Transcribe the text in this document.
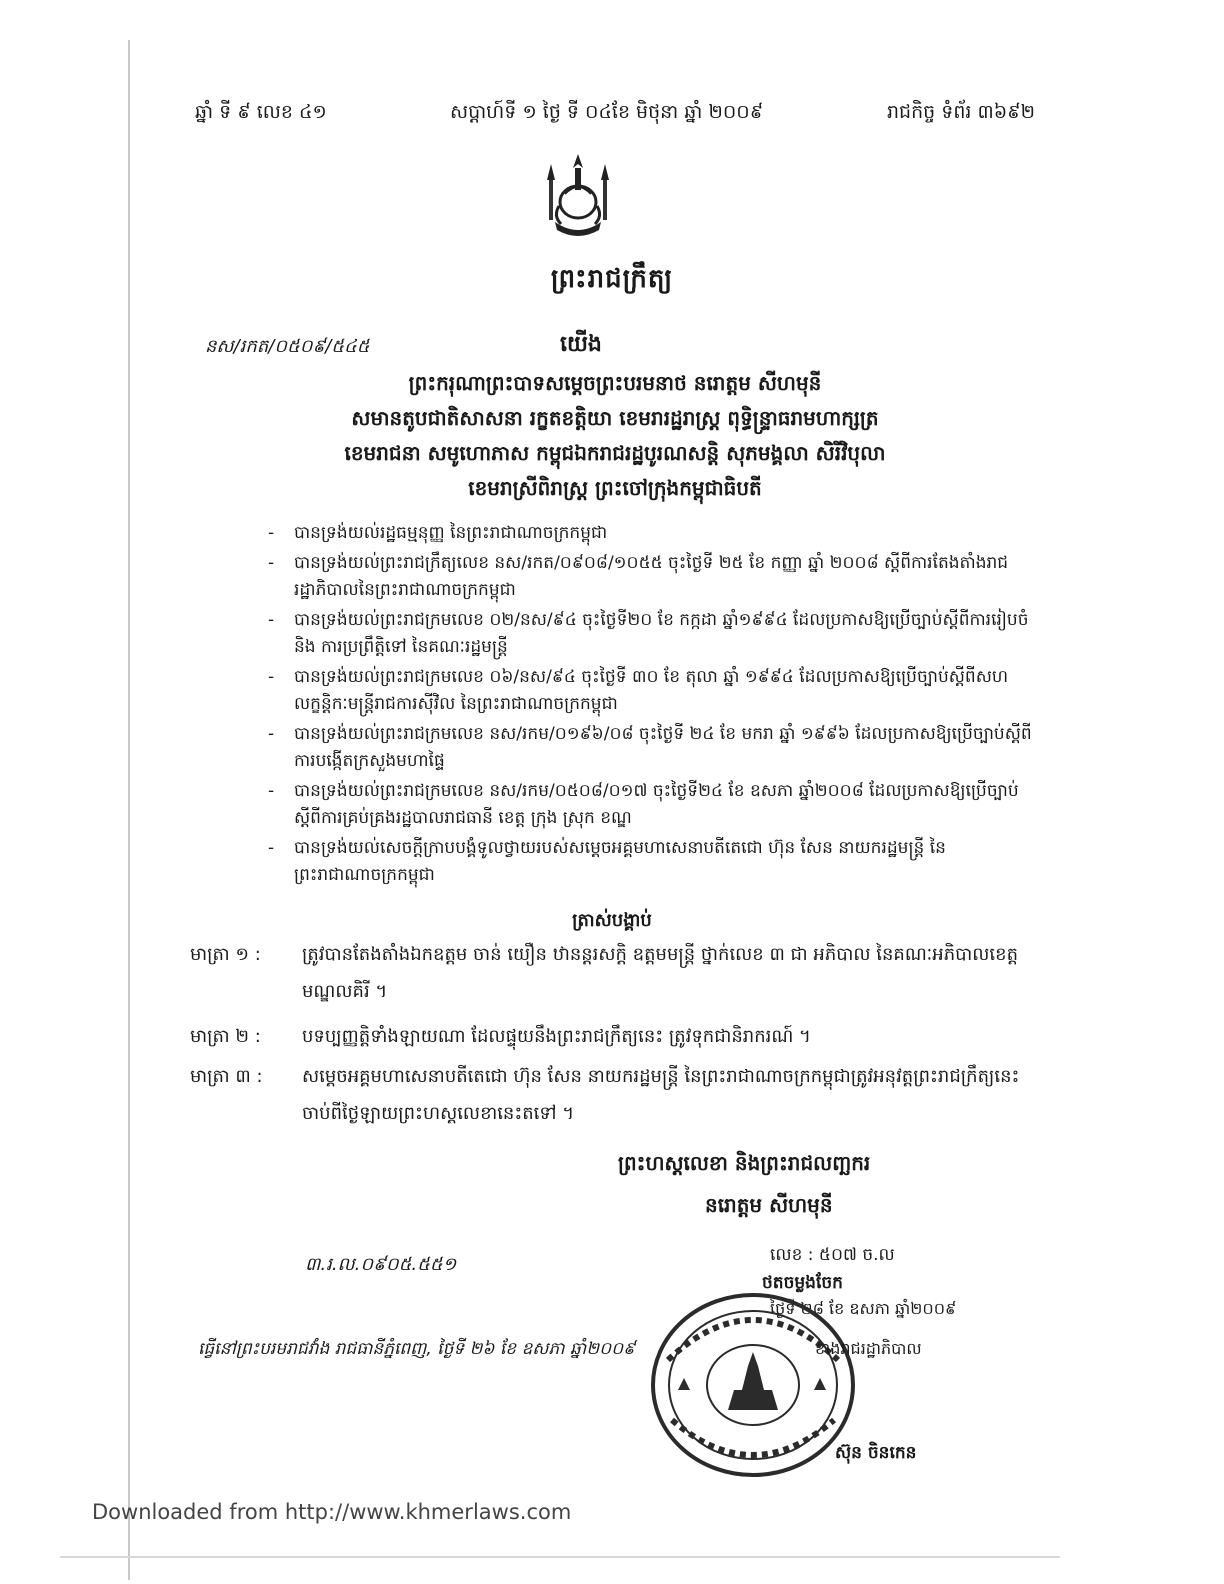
ឆ្នាំ ទី ៩ លេខ ៤១	សប្តាហ៍ទី ១ ថ្ងៃ ទី ០៤ខែ មិថុនា ឆ្នាំ ២០០៩	រាជកិច្ច ទំព័រ ៣៦៩២
ព្រះរាជក្រឹត្យ
នស/រកត/០៥០៩/៥៤៥	យើង
ព្រះករុណាព្រះបាទសម្តេចព្រះបរមនាថ នរោត្តម សីហមុនី
សមានតូបជាតិសាសនា រក្ខតខត្តិយា ខេមរារដ្ឋរាស្ត្រ ពុទ្ធិន្ទ្រាធរាមហាក្សត្រ
ខេមរាជនា សមូហោភាស កម្ពុជឯករាជរដ្ឋបូរណសន្តិ សុភមង្គលា សិរីវិបុលា
ខេមរាស្រីពិរាស្ត្រ ព្រះចៅក្រុងកម្ពុជាធិបតី
- បានទ្រង់យល់រដ្ឋធម្មនុញ្ញ នៃព្រះរាជាណាចក្រកម្ពុជា
- បានទ្រង់យល់ព្រះរាជក្រឹត្យលេខ នស/រកត/០៩០៨/១០៥៥ ចុះថ្ងៃទី ២៥ ខែ កញ្ញា ឆ្នាំ ២០០៨ ស្តីពីការតែងតាំងរាជរដ្ឋាភិបាលនៃព្រះរាជាណាចក្រកម្ពុជា
- បានទ្រង់យល់ព្រះរាជក្រមលេខ ០២/នស/៩៤ ចុះថ្ងៃទី២០ ខែ កក្កដា ឆ្នាំ១៩៩៤ ដែលប្រកាសឱ្យប្រើច្បាប់ស្តីពីការរៀបចំ និង ការប្រព្រឹត្តិទៅ នៃគណៈរដ្ឋមន្ត្រី
- បានទ្រង់យល់ព្រះរាជក្រមលេខ ០៦/នស/៩៤ ចុះថ្ងៃទី ៣០ ខែ តុលា ឆ្នាំ ១៩៩៤ ដែលប្រកាសឱ្យប្រើច្បាប់ស្តីពីសហលក្ខន្តិកៈមន្ត្រីរាជការស៊ីវិល នៃព្រះរាជាណាចក្រកម្ពុជា
- បានទ្រង់យល់ព្រះរាជក្រមលេខ នស/រកម/០១៩៦/០៨ ចុះថ្ងៃទី ២៤ ខែ មករា ឆ្នាំ ១៩៩៦ ដែលប្រកាសឱ្យប្រើច្បាប់ស្តីពីការបង្កើតក្រសួងមហាផ្ទៃ
- បានទ្រង់យល់ព្រះរាជក្រមលេខ នស/រកម/០៥០៨/០១៧ ចុះថ្ងៃទី២៤ ខែ ឧសភា ឆ្នាំ២០០៨ ដែលប្រកាសឱ្យប្រើច្បាប់ស្តីពីការគ្រប់គ្រងរដ្ឋបាលរាជធានី ខេត្ត ក្រុង ស្រុក ខណ្ឌ
- បានទ្រង់យល់សេចក្តីក្រាបបង្គំទូលថ្វាយរបស់សម្តេចអគ្គមហាសេនាបតីតេជោ ហ៊ុន សែន នាយករដ្ឋមន្ត្រី នៃព្រះរាជាណាចក្រកម្ពុជា
ត្រាស់បង្គាប់
មាត្រា ១ :	ត្រូវបានតែងតាំងឯកឧត្តម ចាន់ យឿន ឋានន្តរសក្តិ ឧត្តមមន្ត្រី ថ្នាក់លេខ ៣ ជា អភិបាល នៃគណៈអភិបាលខេត្តមណ្ឌលគិរី ។
មាត្រា ២ :	បទប្បញ្ញត្តិទាំងឡាយណា ដែលផ្ទុយនឹងព្រះរាជក្រឹត្យនេះ ត្រូវទុកជានិរាករណ៍ ។
មាត្រា ៣ :	សម្តេចអគ្គមហាសេនាបតីតេជោ ហ៊ុន សែន នាយករដ្ឋមន្ត្រី នៃព្រះរាជាណាចក្រកម្ពុជាត្រូវអនុវត្តព្រះរាជក្រឹត្យនេះ ចាប់ពីថ្ងៃឡាយព្រះហស្តលេខានេះតទៅ ។
ព្រះហស្តលេខា និងព្រះរាជលញ្ឆករ
នរោត្តម សីហមុនី
៣.រ.ល.០៩០៥.៥៥១	លេខ : ៥០៧ ច.ល
ថតចម្លងចែក
ថ្ងៃទី ២៨ ខែ ឧសភា ឆ្នាំ២០០៩
ខាងរាជរដ្ឋាភិបាល
ធ្វើនៅព្រះបរមរាជវាំង រាជធានីភ្នំពេញ, ថ្ងៃទី ២៦ ខែ ឧសភា ឆ្នាំ២០០៩
ស៊ុន ចិនកេន
Downloaded from http://www.khmerlaws.com
